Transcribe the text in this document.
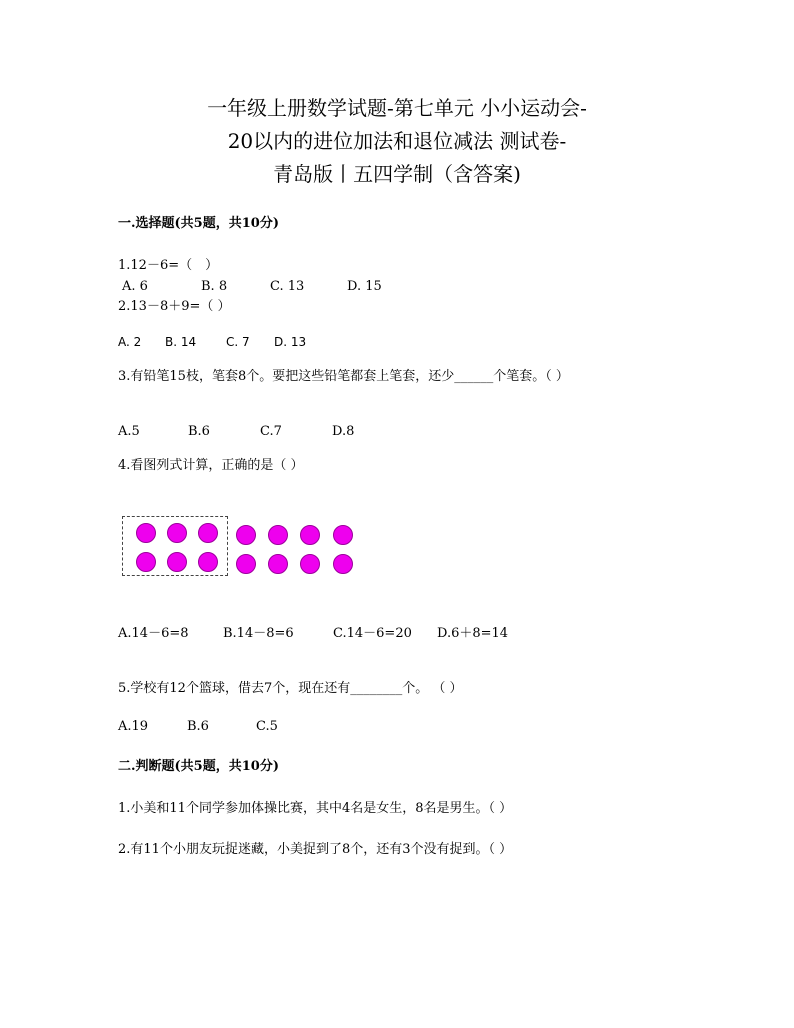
一年级上册数学试题-第七单元 小小运动会-
20以内的进位加法和退位减法 测试卷-
青岛版丨五四学制（含答案)
一.选择题(共5题，共10分)
1.12－6=（　）
A. 6	B. 8	C. 13	D. 15
2.13－8＋9=（ ）
A. 2 B. 14 C. 7 D. 13
3.有铅笔15枝，笔套8个。要把这些铅笔都套上笔套，还少______个笔套。（ ）
A.5	B.6	C.7	D.8
4.看图列式计算，正确的是（ ）
A.14－6=8	B.14－8=6	C.14－6=20 D.6＋8=14
5.学校有12个篮球，借去7个，现在还有________个。 （ ）
A.19	B.6	C.5
二.判断题(共5题，共10分)
1.小美和11个同学参加体操比赛，其中4名是女生，8名是男生。（ ）
2.有11个小朋友玩捉迷藏，小美捉到了8个，还有3个没有捉到。（ ）
